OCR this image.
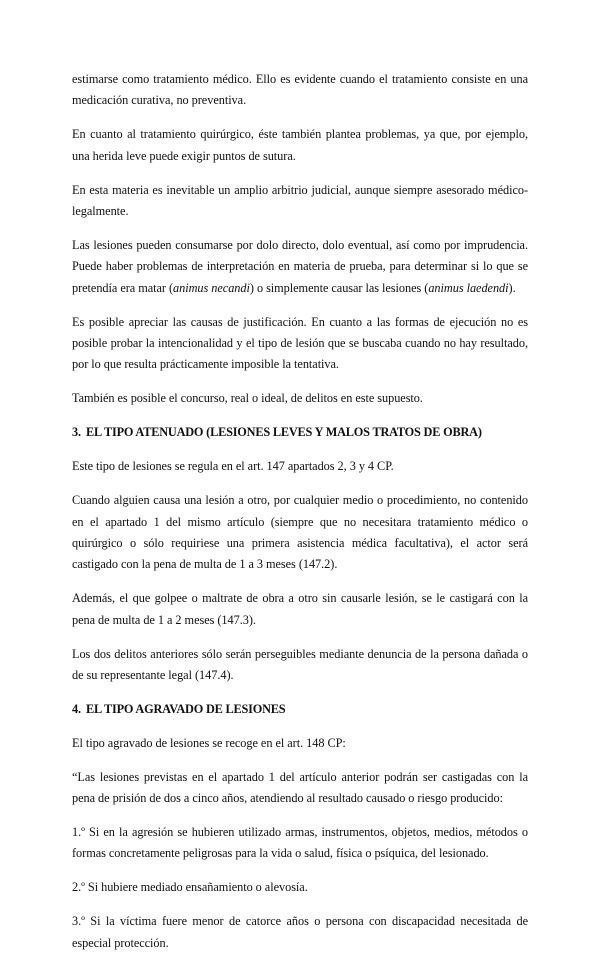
estimarse como tratamiento médico. Ello es evidente cuando el tratamiento consiste en una medicación curativa, no preventiva.

En cuanto al tratamiento quirúrgico, éste también plantea problemas, ya que, por ejemplo, una herida leve puede exigir puntos de sutura.

En esta materia es inevitable un amplio arbitrio judicial, aunque siempre asesorado médico-legalmente.

Las lesiones pueden consumarse por dolo directo, dolo eventual, así como por imprudencia. Puede haber problemas de interpretación en materia de prueba, para determinar si lo que se pretendía era matar (animus necandi) o simplemente causar las lesiones (animus laedendi).

Es posible apreciar las causas de justificación. En cuanto a las formas de ejecución no es posible probar la intencionalidad y el tipo de lesión que se buscaba cuando no hay resultado, por lo que resulta prácticamente imposible la tentativa.

También es posible el concurso, real o ideal, de delitos en este supuesto.

3. EL TIPO ATENUADO (LESIONES LEVES Y MALOS TRATOS DE OBRA)

Este tipo de lesiones se regula en el art. 147 apartados 2, 3 y 4 CP.

Cuando alguien causa una lesión a otro, por cualquier medio o procedimiento, no contenido en el apartado 1 del mismo artículo (siempre que no necesitara tratamiento médico o quirúrgico o sólo requiriese una primera asistencia médica facultativa), el actor será castigado con la pena de multa de 1 a 3 meses (147.2).

Además, el que golpee o maltrate de obra a otro sin causarle lesión, se le castigará con la pena de multa de 1 a 2 meses (147.3).

Los dos delitos anteriores sólo serán perseguibles mediante denuncia de la persona dañada o de su representante legal (147.4).

4. EL TIPO AGRAVADO DE LESIONES

El tipo agravado de lesiones se recoge en el art. 148 CP:

“Las lesiones previstas en el apartado 1 del artículo anterior podrán ser castigadas con la pena de prisión de dos a cinco años, atendiendo al resultado causado o riesgo producido:

1.º Si en la agresión se hubieren utilizado armas, instrumentos, objetos, medios, métodos o formas concretamente peligrosas para la vida o salud, física o psíquica, del lesionado.

2.º Si hubiere mediado ensañamiento o alevosía.

3.º Si la víctima fuere menor de catorce años o persona con discapacidad necesitada de especial protección.
